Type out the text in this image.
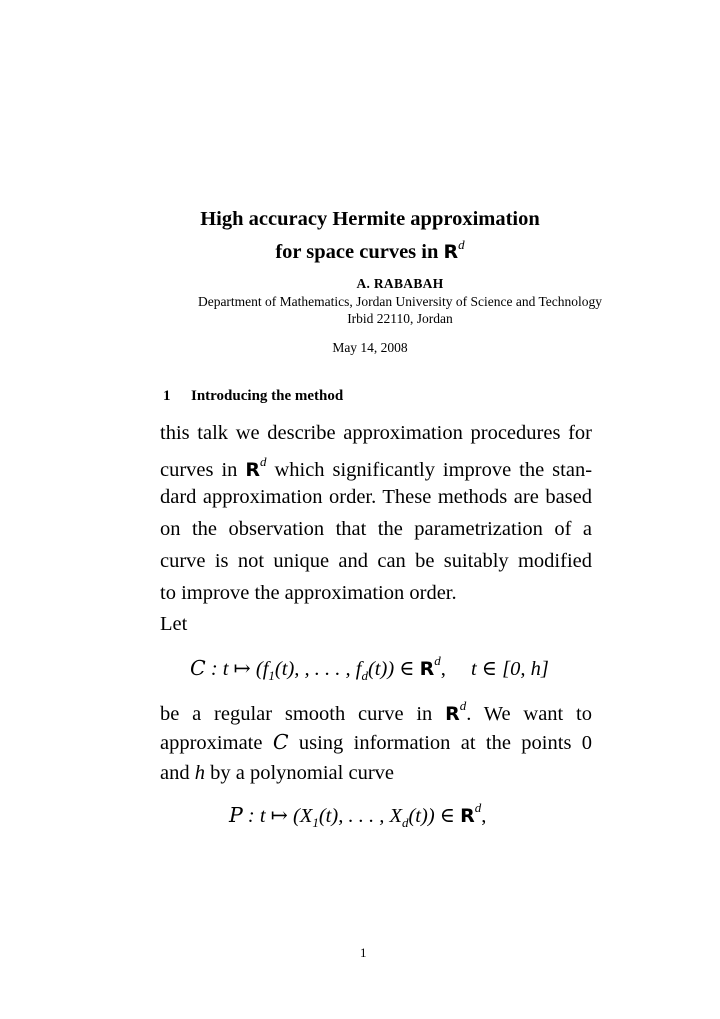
High accuracy Hermite approximation
for space curves in $R^d$
A. RABABAH
Department of Mathematics, Jordan University of Science and Technology
Irbid 22110, Jordan
May 14, 2008
1 Introducing the method
this talk we describe approximation procedures for
curves in $R^d$ which significantly improve the stan-
dard approximation order. These methods are based
on the observation that the parametrization of a
curve is not unique and can be suitably modified
to improve the approximation order.
Let
C : t ↦ ($f_1(t)$, , . . . , $f_d(t)$) ∈ $R^d$, t ∈ [0, h]
be a regular smooth curve in $R^d$. We want to
approximate C using information at the points 0
and h by a polynomial curve
P : t ↦ ($X_1(t)$, . . . , $X_d(t)$) ∈ $R^d$,
1
